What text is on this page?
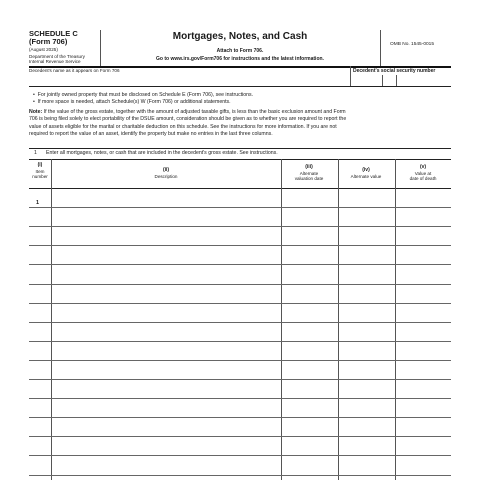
SCHEDULE C
(Form 706)
(August 2025)
Department of the Treasury
Internal Revenue Service
Mortgages, Notes, and Cash
Attach to Form 706.
Go to www.irs.gov/Form706 for instructions and the latest information.
OMB No. 1545-0015
Decedent's name as it appears on Form 706	Decedent's social security number
•  For jointly owned property that must be disclosed on Schedule E (Form 706), see instructions.
•  If more space is needed, attach Schedule(s) W (Form 706) or additional statements.
Note: If the value of the gross estate, together with the amount of adjusted taxable gifts, is less than the basic exclusion amount and Form
706 is being filed solely to elect portability of the DSUE amount, consideration should be given as to whether you are required to report the
value of assets eligible for the marital or charitable deduction on this schedule. See the instructions for more information. If you are not
required to report the value of an asset, identify the property but make no entries in the last three columns.
1 Enter all mortgages, notes, or cash that are included in the decedent's gross estate. See instructions.
(i)
Item
number
(ii)
Description
(iii)
Alternate
valuation date
(iv)
Alternate value
(v)
Value at
date of death
1
